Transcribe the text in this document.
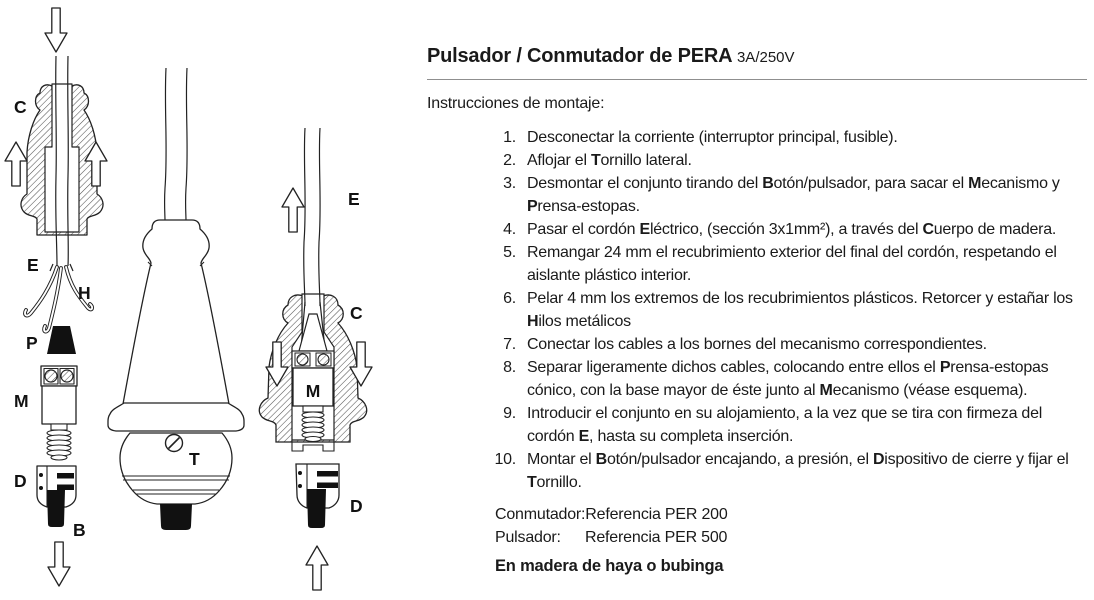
C
E
H
P
M
D
B
T
E
C
M
D
Pulsador / Conmutador de PERA 3A/250V

Instrucciones de montaje:

1. Desconectar la corriente (interruptor principal, fusible).
2. Aflojar el Tornillo lateral.
3. Desmontar el conjunto tirando del Botón/pulsador, para sacar el Mecanismo y Prensa-estopas.
4. Pasar el cordón Eléctrico, (sección 3x1mm²), a través del Cuerpo de madera.
5. Remangar 24 mm el recubrimiento exterior del final del cordón, respetando el aislante plástico interior.
6. Pelar 4 mm los extremos de los recubrimientos plásticos. Retorcer y estañar los Hilos metálicos
7. Conectar los cables a los bornes del mecanismo correspondientes.
8. Separar ligeramente dichos cables, colocando entre ellos el Prensa-estopas cónico, con la base mayor de éste junto al Mecanismo (véase esquema).
9. Introducir el conjunto en su alojamiento, a la vez que se tira con firmeza del cordón E, hasta su completa inserción.
10. Montar el Botón/pulsador encajando, a presión, el Dispositivo de cierre y fijar el Tornillo.
Conmutador: Referencia PER 200
Pulsador:	Referencia PER 500

En madera de haya o bubinga
